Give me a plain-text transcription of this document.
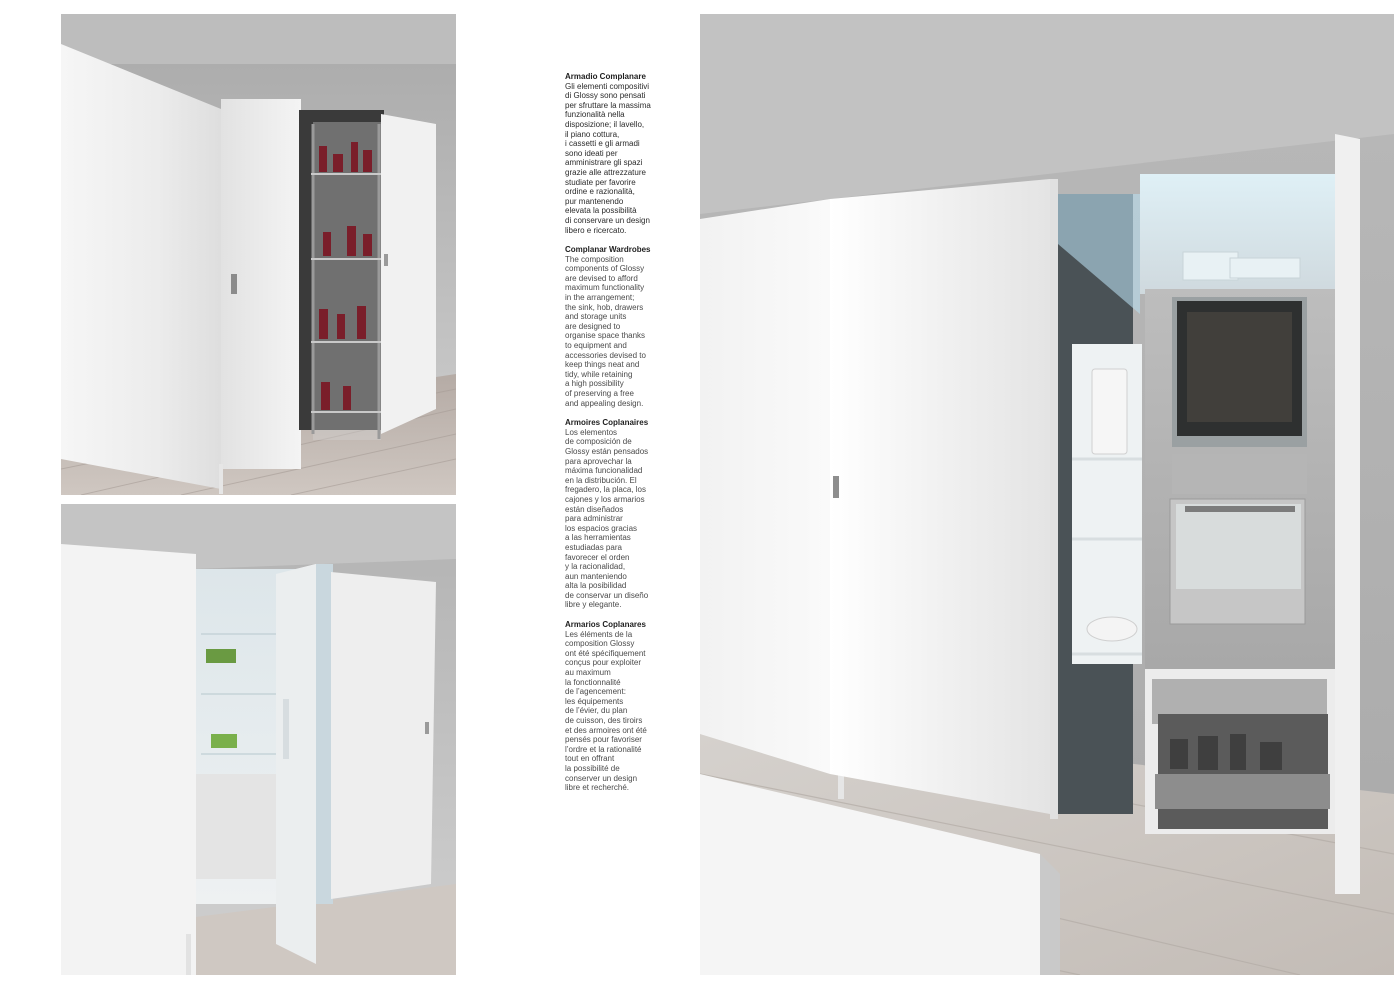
Armadio Complanare
Gli elementi compositivi
di Glossy sono pensati
per sfruttare la massima
funzionalità nella
disposizione; il lavello,
il piano cottura,
i cassetti e gli armadi
sono ideati per
amministrare gli spazi
grazie alle attrezzature
studiate per favorire
ordine e razionalità,
pur mantenendo
elevata la possibilità
di conservare un design
libero e ricercato.
Complanar Wardrobes
The composition
components of Glossy
are devised to afford
maximum functionality
in the arrangement;
the sink, hob, drawers
and storage units
are designed to
organise space thanks
to equipment and
accessories devised to
keep things neat and
tidy, while retaining
a high possibility
of preserving a free
and appealing design.
Armoires Coplanaires
Los elementos
de composición de
Glossy están pensados
para aprovechar la
máxima funcionalidad
en la distribución. El
fregadero, la placa, los
cajones y los armarios
están diseñados
para administrar
los espacios gracias
a las herramientas
estudiadas para
favorecer el orden
y la racionalidad,
aun manteniendo
alta la posibilidad
de conservar un diseño
libre y elegante.
Armarios Coplanares
Les éléments de la
composition Glossy
ont été spécifiquement
conçus pour exploiter
au maximum
la fonctionnalité
de l’agencement:
les équipements
de l’évier, du plan
de cuisson, des tiroirs
et des armoires ont été
pensés pour favoriser
l’ordre et la rationalité
tout en offrant
la possibilité de
conserver un design
libre et recherché.
